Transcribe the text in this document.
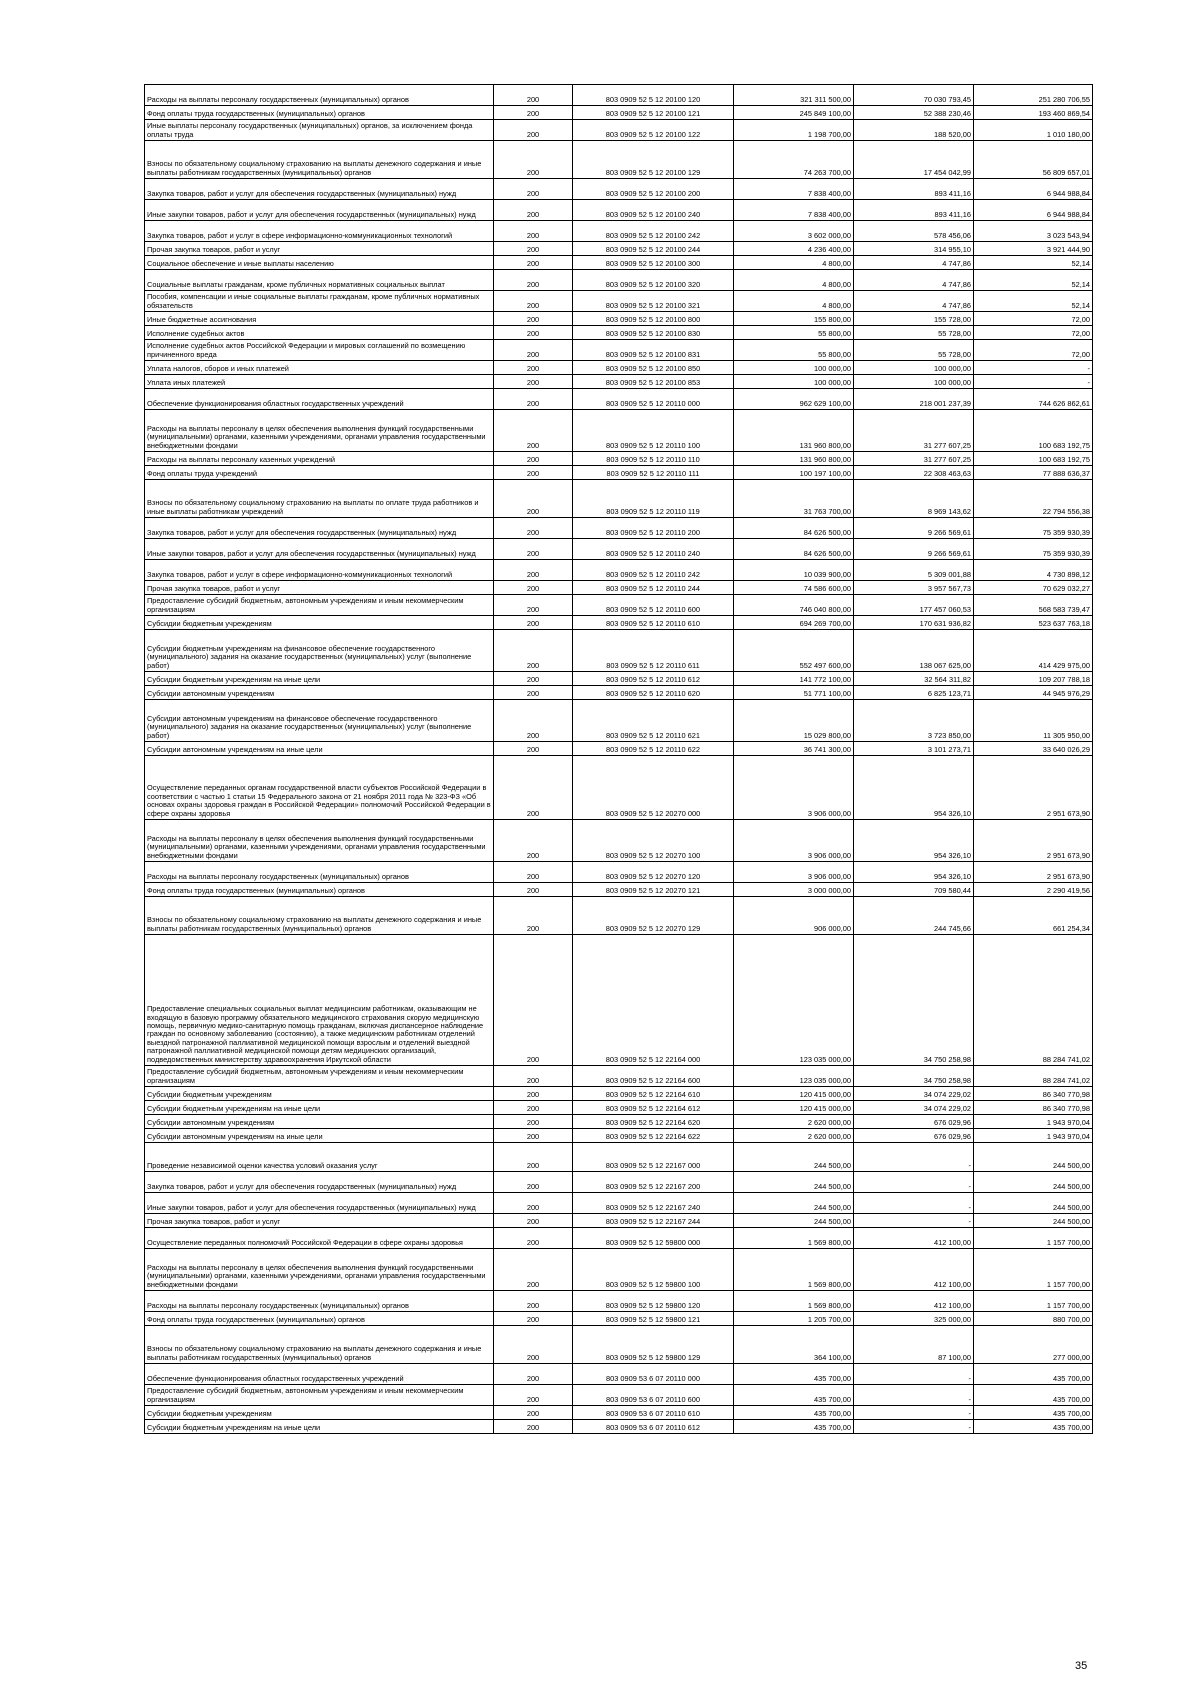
Расходы на выплаты персоналу государственных (муниципальных) органов	200	803 0909 52 5 12 20100 120	321 311 500,00	70 030 793,45	251 280 706,55
Фонд оплаты труда государственных (муниципальных) органов	200	803 0909 52 5 12 20100 121	245 849 100,00	52 388 230,46	193 460 869,54
Иные выплаты персоналу государственных (муниципальных) органов, за исключением фонда оплаты труда	200	803 0909 52 5 12 20100 122	1 198 700,00	188 520,00	1 010 180,00
Взносы по обязательному социальному страхованию на выплаты денежного содержания и иные выплаты работникам государственных (муниципальных) органов	200	803 0909 52 5 12 20100 129	74 263 700,00	17 454 042,99	56 809 657,01
Закупка товаров, работ и услуг для обеспечения государственных (муниципальных) нужд	200	803 0909 52 5 12 20100 200	7 838 400,00	893 411,16	6 944 988,84
Иные закупки товаров, работ и услуг для обеспечения государственных (муниципальных) нужд	200	803 0909 52 5 12 20100 240	7 838 400,00	893 411,16	6 944 988,84
Закупка товаров, работ и услуг в сфере информационно-коммуникационных технологий	200	803 0909 52 5 12 20100 242	3 602 000,00	578 456,06	3 023 543,94
Прочая закупка товаров, работ и услуг	200	803 0909 52 5 12 20100 244	4 236 400,00	314 955,10	3 921 444,90
Социальное обеспечение и иные выплаты населению	200	803 0909 52 5 12 20100 300	4 800,00	4 747,86	52,14
Социальные выплаты гражданам, кроме публичных нормативных социальных выплат	200	803 0909 52 5 12 20100 320	4 800,00	4 747,86	52,14
Пособия, компенсации и иные социальные выплаты гражданам, кроме публичных нормативных обязательств	200	803 0909 52 5 12 20100 321	4 800,00	4 747,86	52,14
Иные бюджетные ассигнования	200	803 0909 52 5 12 20100 800	155 800,00	155 728,00	72,00
Исполнение судебных актов	200	803 0909 52 5 12 20100 830	55 800,00	55 728,00	72,00
Исполнение судебных актов Российской Федерации и мировых соглашений по возмещению причиненного вреда	200	803 0909 52 5 12 20100 831	55 800,00	55 728,00	72,00
Уплата налогов, сборов и иных платежей	200	803 0909 52 5 12 20100 850	100 000,00	100 000,00	-
Уплата иных платежей	200	803 0909 52 5 12 20100 853	100 000,00	100 000,00	-
Обеспечение функционирования областных государственных учреждений	200	803 0909 52 5 12 20110 000	962 629 100,00	218 001 237,39	744 626 862,61
Расходы на выплаты персоналу в целях обеспечения выполнения функций государственными (муниципальными) органами, казенными учреждениями, органами управления государственными внебюджетными фондами	200	803 0909 52 5 12 20110 100	131 960 800,00	31 277 607,25	100 683 192,75
Расходы на выплаты персоналу казенных учреждений	200	803 0909 52 5 12 20110 110	131 960 800,00	31 277 607,25	100 683 192,75
Фонд оплаты труда учреждений	200	803 0909 52 5 12 20110 111	100 197 100,00	22 308 463,63	77 888 636,37
Взносы по обязательному социальному страхованию на выплаты по оплате труда работников и иные выплаты работникам учреждений	200	803 0909 52 5 12 20110 119	31 763 700,00	8 969 143,62	22 794 556,38
Закупка товаров, работ и услуг для обеспечения государственных (муниципальных) нужд	200	803 0909 52 5 12 20110 200	84 626 500,00	9 266 569,61	75 359 930,39
Иные закупки товаров, работ и услуг для обеспечения государственных (муниципальных) нужд	200	803 0909 52 5 12 20110 240	84 626 500,00	9 266 569,61	75 359 930,39
Закупка товаров, работ и услуг в сфере информационно-коммуникационных технологий	200	803 0909 52 5 12 20110 242	10 039 900,00	5 309 001,88	4 730 898,12
Прочая закупка товаров, работ и услуг	200	803 0909 52 5 12 20110 244	74 586 600,00	3 957 567,73	70 629 032,27
Предоставление субсидий бюджетным, автономным учреждениям и иным некоммерческим организациям	200	803 0909 52 5 12 20110 600	746 040 800,00	177 457 060,53	568 583 739,47
Субсидии бюджетным учреждениям	200	803 0909 52 5 12 20110 610	694 269 700,00	170 631 936,82	523 637 763,18
Субсидии бюджетным учреждениям на финансовое обеспечение государственного (муниципального) задания на оказание государственных (муниципальных) услуг (выполнение работ)	200	803 0909 52 5 12 20110 611	552 497 600,00	138 067 625,00	414 429 975,00
Субсидии бюджетным учреждениям на иные цели	200	803 0909 52 5 12 20110 612	141 772 100,00	32 564 311,82	109 207 788,18
Субсидии автономным учреждениям	200	803 0909 52 5 12 20110 620	51 771 100,00	6 825 123,71	44 945 976,29
Субсидии автономным учреждениям на финансовое обеспечение государственного (муниципального) задания на оказание государственных (муниципальных) услуг (выполнение работ)	200	803 0909 52 5 12 20110 621	15 029 800,00	3 723 850,00	11 305 950,00
Субсидии автономным учреждениям на иные цели	200	803 0909 52 5 12 20110 622	36 741 300,00	3 101 273,71	33 640 026,29
Осуществление переданных органам государственной власти субъектов Российской Федерации в соответствии с частью 1 статьи 15 Федерального закона от 21 ноября 2011 года № 323-ФЗ «Об основах охраны здоровья граждан в Российской Федерации» полномочий Российской Федерации в сфере охраны здоровья	200	803 0909 52 5 12 20270 000	3 906 000,00	954 326,10	2 951 673,90
Расходы на выплаты персоналу в целях обеспечения выполнения функций государственными (муниципальными) органами, казенными учреждениями, органами управления государственными внебюджетными фондами	200	803 0909 52 5 12 20270 100	3 906 000,00	954 326,10	2 951 673,90
Расходы на выплаты персоналу государственных (муниципальных) органов	200	803 0909 52 5 12 20270 120	3 906 000,00	954 326,10	2 951 673,90
Фонд оплаты труда государственных (муниципальных) органов	200	803 0909 52 5 12 20270 121	3 000 000,00	709 580,44	2 290 419,56
Взносы по обязательному социальному страхованию на выплаты денежного содержания и иные выплаты работникам государственных (муниципальных) органов	200	803 0909 52 5 12 20270 129	906 000,00	244 745,66	661 254,34
Предоставление специальных социальных выплат медицинским работникам, оказывающим не входящую в базовую программу обязательного медицинского страхования скорую медицинскую помощь, первичную медико-санитарную помощь гражданам, включая диспансерное наблюдение граждан по основному заболеванию (состоянию), а также медицинским работникам отделений выездной патронажной паллиативной медицинской помощи взрослым и отделений выездной патронажной паллиативной медицинской помощи детям медицинских организаций, подведомственных министерству здравоохранения Иркутской области	200	803 0909 52 5 12 22164 000	123 035 000,00	34 750 258,98	88 284 741,02
Предоставление субсидий бюджетным, автономным учреждениям и иным некоммерческим организациям	200	803 0909 52 5 12 22164 600	123 035 000,00	34 750 258,98	88 284 741,02
Субсидии бюджетным учреждениям	200	803 0909 52 5 12 22164 610	120 415 000,00	34 074 229,02	86 340 770,98
Субсидии бюджетным учреждениям на иные цели	200	803 0909 52 5 12 22164 612	120 415 000,00	34 074 229,02	86 340 770,98
Субсидии автономным учреждениям	200	803 0909 52 5 12 22164 620	2 620 000,00	676 029,96	1 943 970,04
Субсидии автономным учреждениям на иные цели	200	803 0909 52 5 12 22164 622	2 620 000,00	676 029,96	1 943 970,04
Проведение независимой оценки качества условий оказания услуг	200	803 0909 52 5 12 22167 000	244 500,00	-	244 500,00
Закупка товаров, работ и услуг для обеспечения государственных (муниципальных) нужд	200	803 0909 52 5 12 22167 200	244 500,00	-	244 500,00
Иные закупки товаров, работ и услуг для обеспечения государственных (муниципальных) нужд	200	803 0909 52 5 12 22167 240	244 500,00	-	244 500,00
Прочая закупка товаров, работ и услуг	200	803 0909 52 5 12 22167 244	244 500,00	-	244 500,00
Осуществление переданных полномочий Российской Федерации в сфере охраны здоровья	200	803 0909 52 5 12 59800 000	1 569 800,00	412 100,00	1 157 700,00
Расходы на выплаты персоналу в целях обеспечения выполнения функций государственными (муниципальными) органами, казенными учреждениями, органами управления государственными внебюджетными фондами	200	803 0909 52 5 12 59800 100	1 569 800,00	412 100,00	1 157 700,00
Расходы на выплаты персоналу государственных (муниципальных) органов	200	803 0909 52 5 12 59800 120	1 569 800,00	412 100,00	1 157 700,00
Фонд оплаты труда государственных (муниципальных) органов	200	803 0909 52 5 12 59800 121	1 205 700,00	325 000,00	880 700,00
Взносы по обязательному социальному страхованию на выплаты денежного содержания и иные выплаты работникам государственных (муниципальных) органов	200	803 0909 52 5 12 59800 129	364 100,00	87 100,00	277 000,00
Обеспечение функционирования областных государственных учреждений	200	803 0909 53 6 07 20110 000	435 700,00	-	435 700,00
Предоставление субсидий бюджетным, автономным учреждениям и иным некоммерческим организациям	200	803 0909 53 6 07 20110 600	435 700,00	-	435 700,00
Субсидии бюджетным учреждениям	200	803 0909 53 6 07 20110 610	435 700,00	-	435 700,00
Субсидии бюджетным учреждениям на иные цели	200	803 0909 53 6 07 20110 612	435 700,00	-	435 700,00
35
